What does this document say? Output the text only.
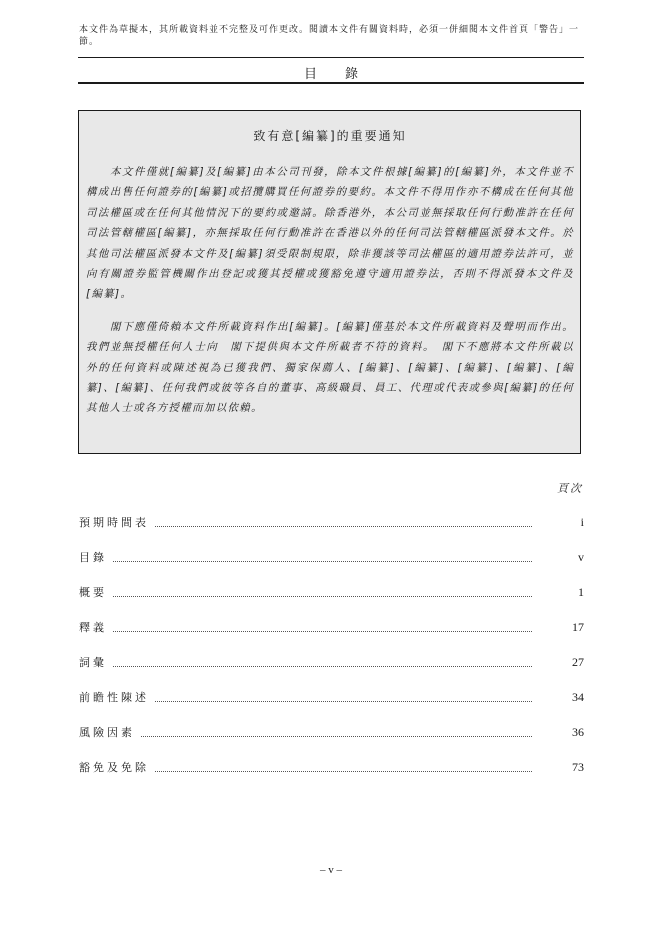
本文件為草擬本，其所載資料並不完整及可作更改。閱讀本文件有關資料時，必須一併細閱本文件首頁「警告」一節。
目錄
致有意[編纂]的重要通知

本文件僅就[編纂]及[編纂]由本公司刊發，除本文件根據[編纂]的[編纂]外，本文件並不構成出售任何證券的[編纂]或招攬購買任何證券的要約。本文件不得用作亦不構成在任何其他司法權區或在任何其他情況下的要約或邀請。除香港外，本公司並無採取任何行動准許在任何司法管轄權區[編纂]，亦無採取任何行動准許在香港以外的任何司法管轄權區派發本文件。於其他司法權區派發本文件及[編纂]須受限制規限，除非獲該等司法權區的適用證券法許可，並向有關證券監管機關作出登記或獲其授權或獲豁免遵守適用證券法，否則不得派發本文件及[編纂]。

閣下應僅倚賴本文件所載資料作出[編纂]。[編纂]僅基於本文件所載資料及聲明而作出。我們並無授權任何人士向　閣下提供與本文件所載者不符的資料。　閣下不應將本文件所載以外的任何資料或陳述視為已獲我們、獨家保薦人、[編纂]、[編纂]、[編纂]、[編纂]、[編纂]、[編纂]、任何我們或彼等各自的董事、高級職員、員工、代理或代表或參與[編纂]的任何其他人士或各方授權而加以依賴。

頁次
預期時間表	i
目錄	v
概要	1
釋義	17
詞彙	27
前瞻性陳述	34
風險因素	36
豁免及免除	73
– v –
